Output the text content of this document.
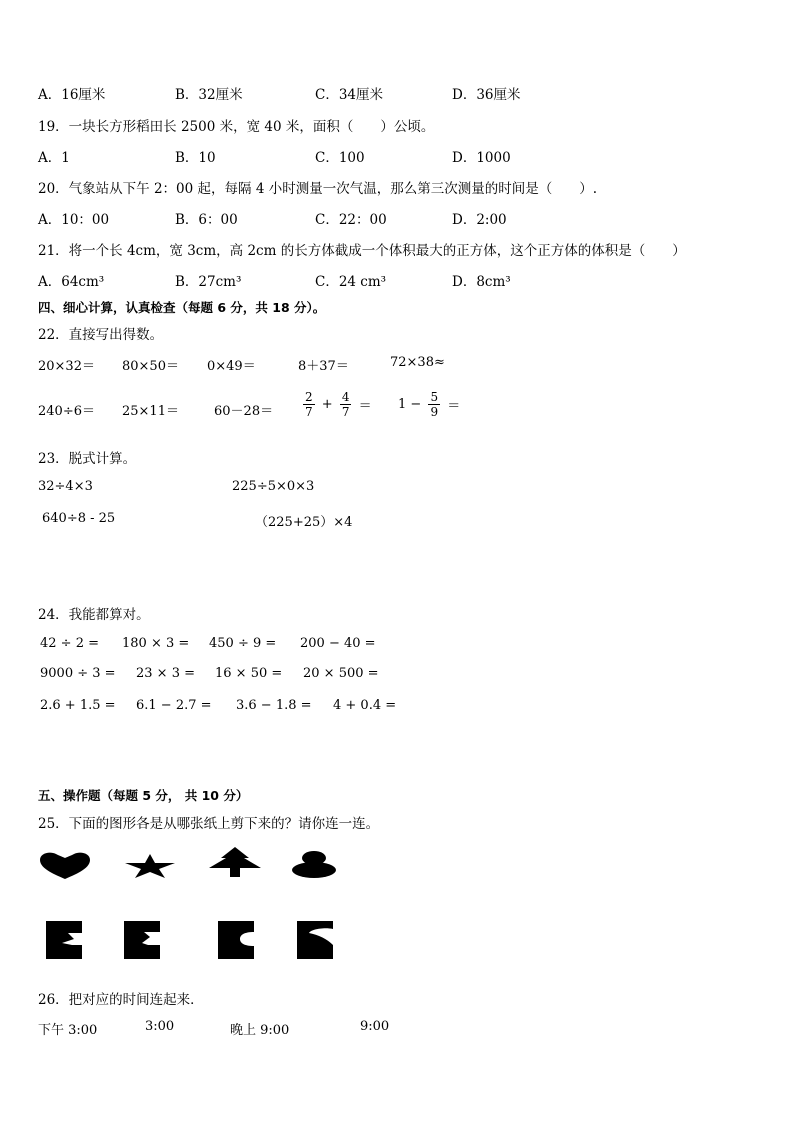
A．16厘米	B．32厘米	C．34厘米	D．36厘米
19．一块长方形稻田长 2500 米，宽 40 米，面积（　　）公顷。
A．1	B．10	C．100	D．1000
20．气象站从下午 2：00 起，每隔 4 小时测量一次气温，那么第三次测量的时间是（　　）.
A．10：00	B．6：00	C．22：00	D．2:00
21．将一个长 4cm，宽 3cm，高 2cm 的长方体截成一个体积最大的正方体，这个正方体的体积是（　　）
A．64cm³	B．27cm³	C．24 cm³	D．8cm³
四、细心计算，认真检查（每题 6 分，共 18 分）。
22．直接写出得数。
20×32＝ 80×50＝ 0×49＝	8＋37＝	72×38≈
240÷6＝ 25×11＝	$60-28= \frac{2}{7} + \frac{4}{7} = 1 - \frac{5}{9}$ ＝
23．脱式计算。
32÷4×3	225÷5×0×3
640÷8 - 25	（225+25）×4
24．我能都算对。
42 ÷ 2 = 180 × 3 = 450 ÷ 9 = 200 − 40 =
9000 ÷ 3 = 23 × 3 = 16 × 50 = 20 × 500 =
2.6 + 1.5 = 6.1 − 2.7 = 3.6 − 1.8 = 4 + 0.4 =
五、操作题（每题 5 分， 共 10 分）
25．下面的图形各是从哪张纸上剪下来的？请你连一连。
26．把对应的时间连起来．
下午 3:00	3:00	晚上 9:00	9:00
